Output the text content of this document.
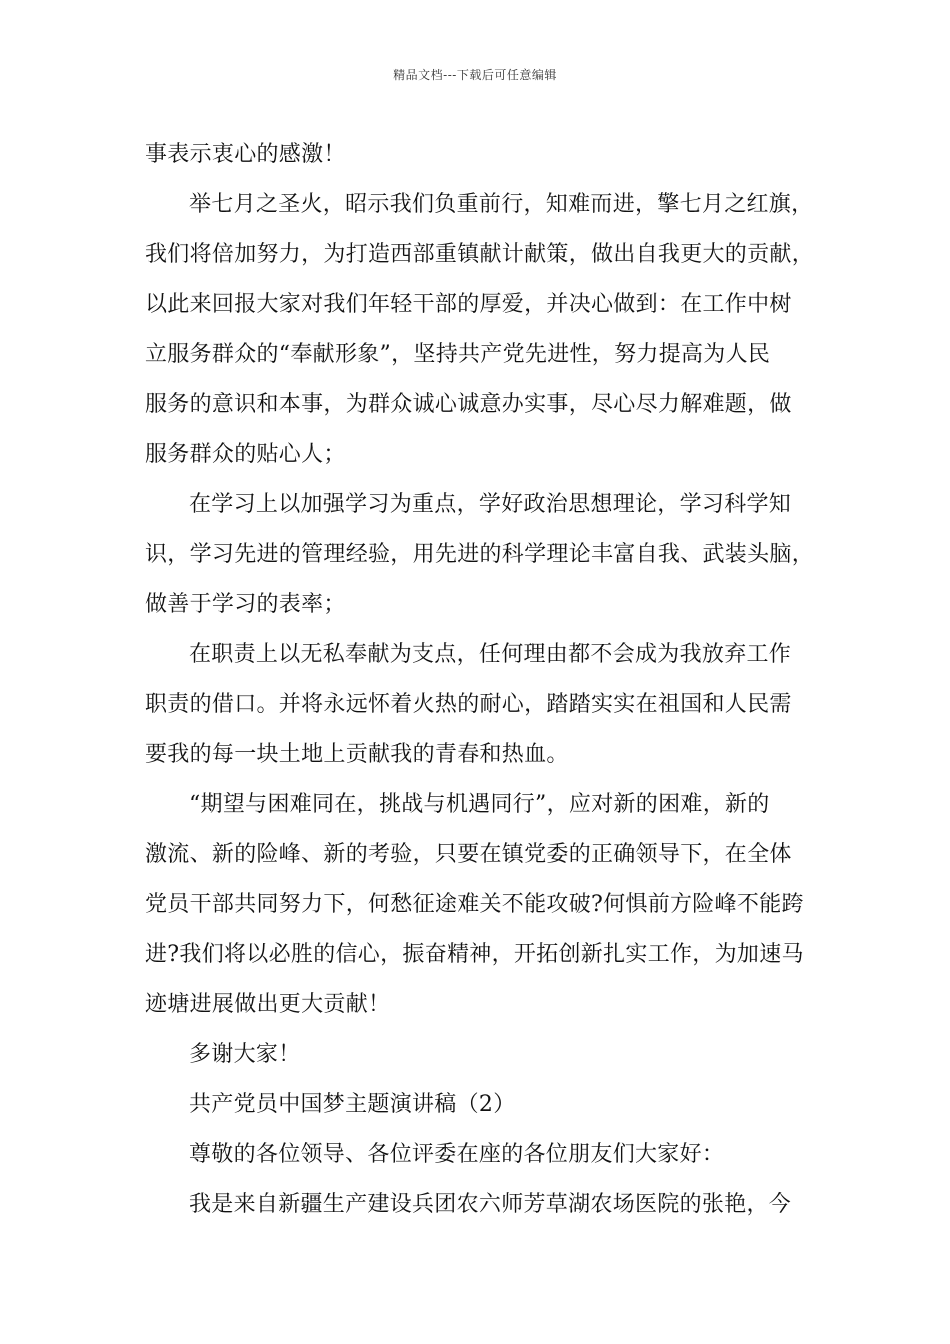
精品文档---下载后可任意编辑
事表示衷心的感激！
举七月之圣火，昭示我们负重前行，知难而进，擎七月之红旗，
我们将倍加努力，为打造西部重镇献计献策，做出自我更大的贡献，
以此来回报大家对我们年轻干部的厚爱，并决心做到：在工作中树
立服务群众的“奉献形象”，坚持共产党先进性，努力提高为人民
服务的意识和本事，为群众诚心诚意办实事，尽心尽力解难题，做
服务群众的贴心人；
在学习上以加强学习为重点，学好政治思想理论，学习科学知
识，学习先进的管理经验，用先进的科学理论丰富自我、武装头脑，
做善于学习的表率；
在职责上以无私奉献为支点，任何理由都不会成为我放弃工作
职责的借口。并将永远怀着火热的耐心，踏踏实实在祖国和人民需
要我的每一块土地上贡献我的青春和热血。
“期望与困难同在，挑战与机遇同行”，应对新的困难，新的
激流、新的险峰、新的考验，只要在镇党委的正确领导下，在全体
党员干部共同努力下，何愁征途难关不能攻破?何惧前方险峰不能跨
进?我们将以必胜的信心，振奋精神，开拓创新扎实工作，为加速马
迹塘进展做出更大贡献！
多谢大家！
共产党员中国梦主题演讲稿（2）
尊敬的各位领导、各位评委在座的各位朋友们大家好：
我是来自新疆生产建设兵团农六师芳草湖农场医院的张艳，今
